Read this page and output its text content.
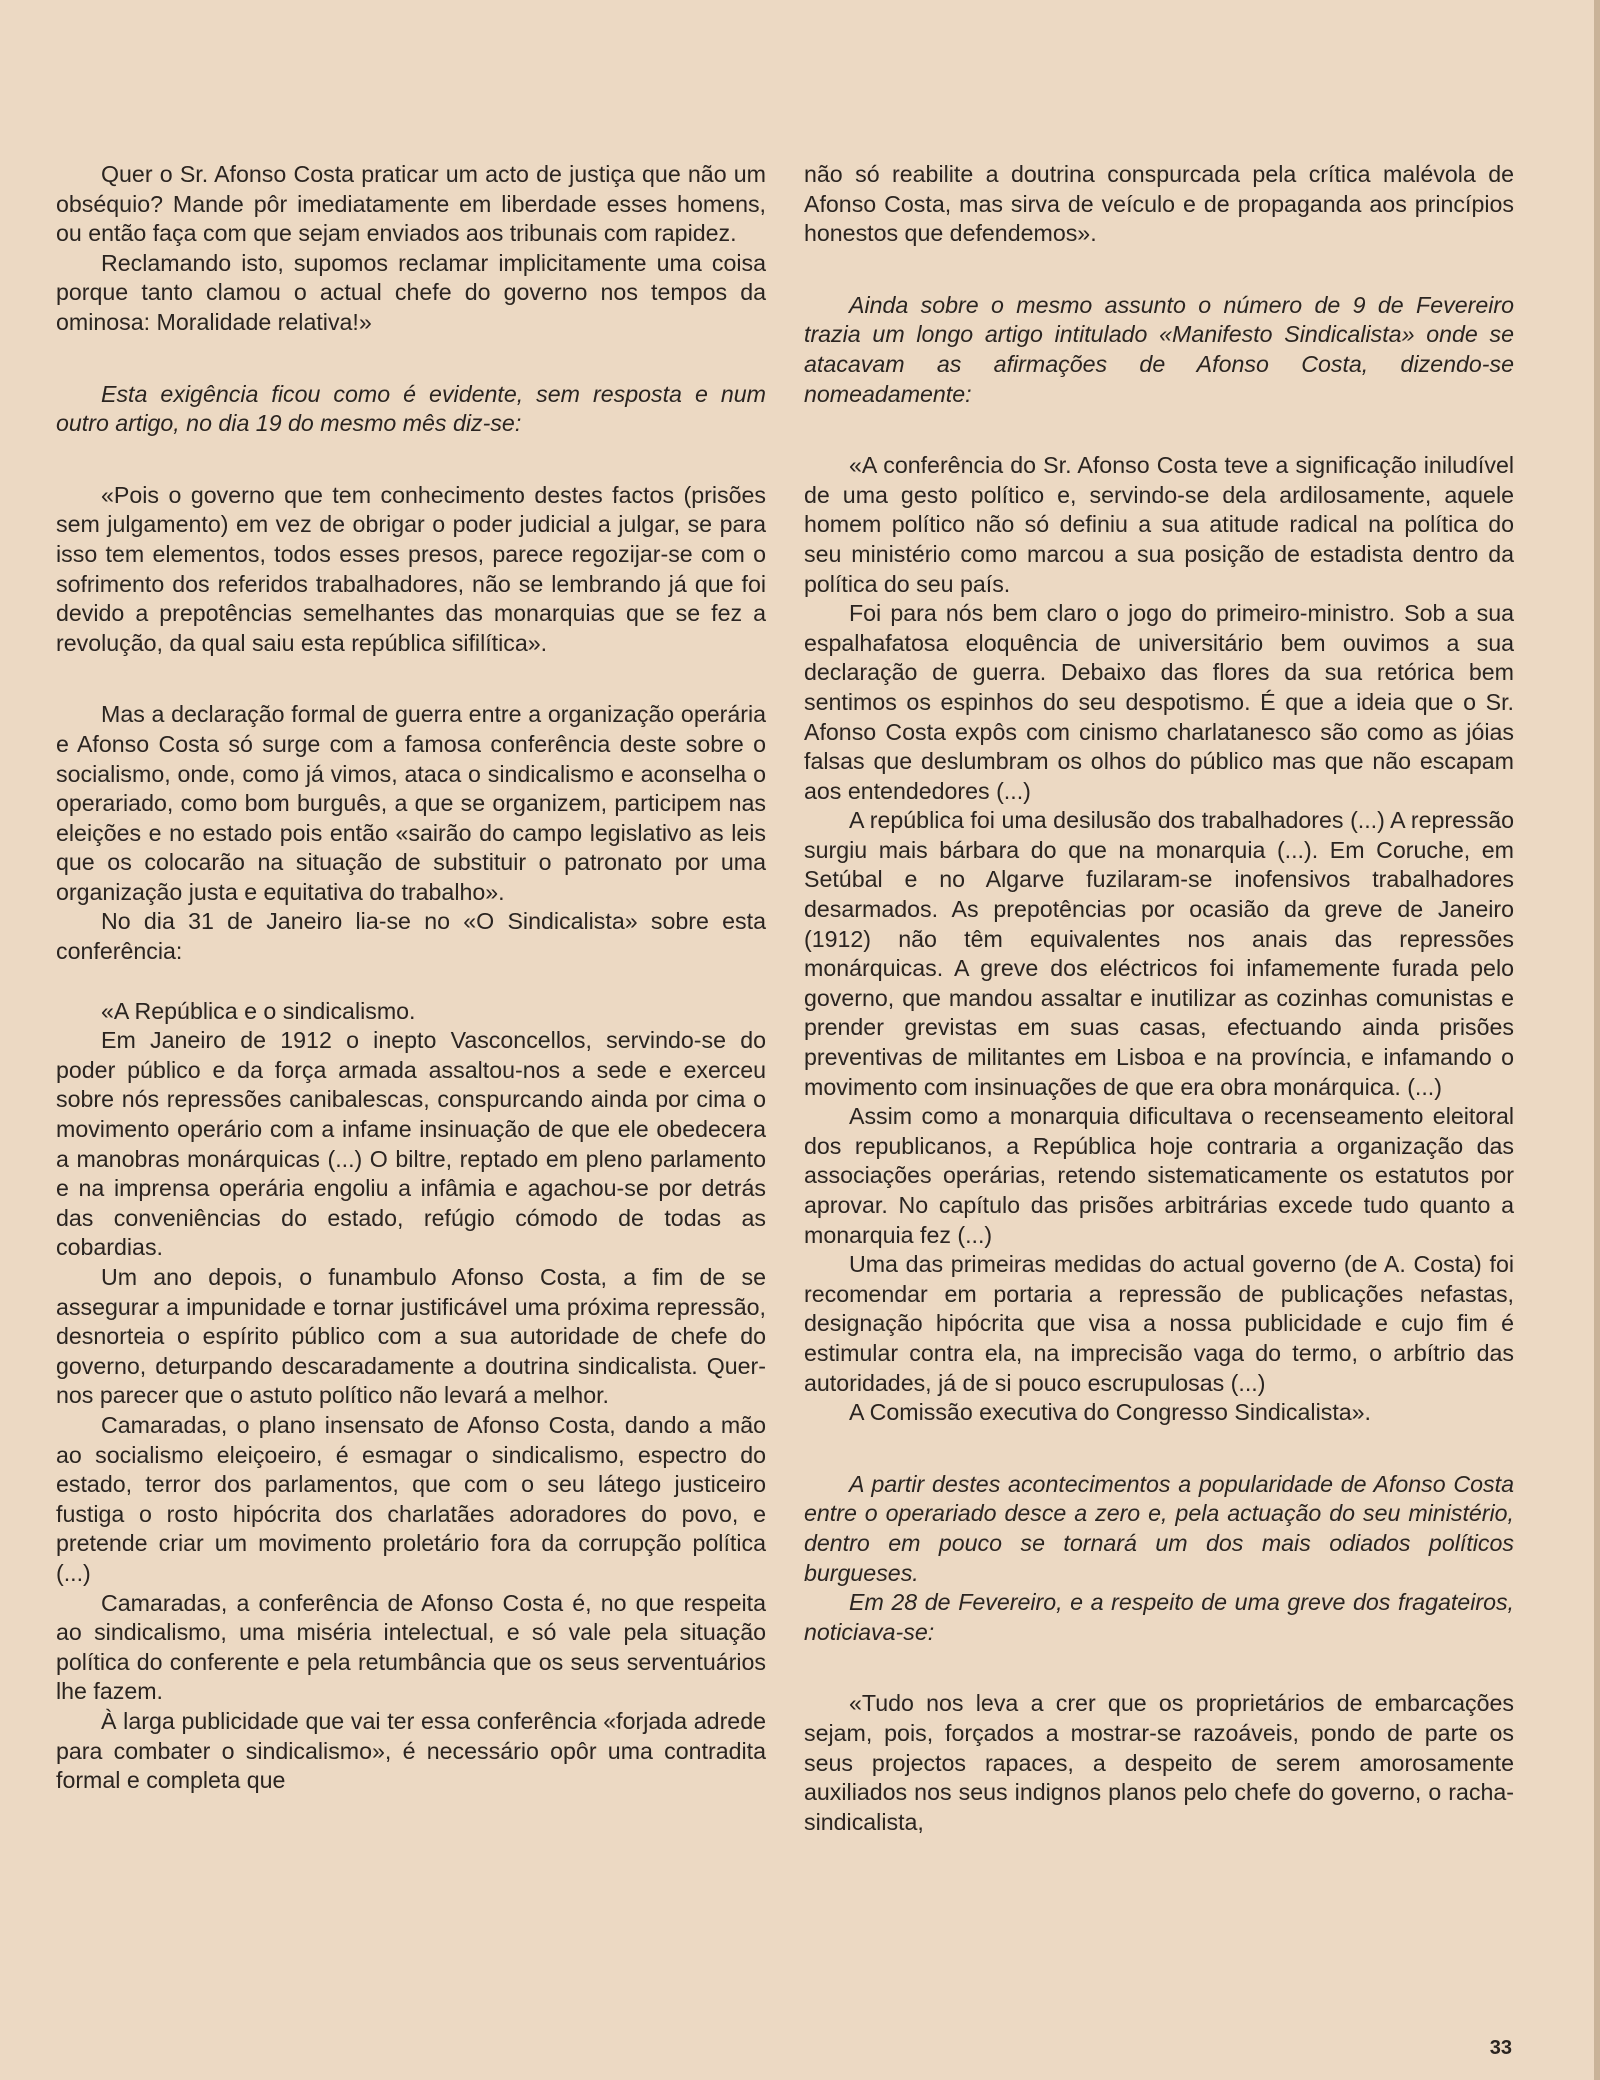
Quer o Sr. Afonso Costa praticar um acto de justiça que não um obséquio? Mande pôr imediatamente em liberdade esses homens, ou então faça com que sejam enviados aos tribunais com rapidez.

Reclamando isto, supomos reclamar implicitamente uma coisa porque tanto clamou o actual chefe do governo nos tempos da ominosa: Moralidade relativa!»

Esta exigência ficou como é evidente, sem resposta e num outro artigo, no dia 19 do mesmo mês diz-se:

«Pois o governo que tem conhecimento destes factos (prisões sem julgamento) em vez de obrigar o poder judicial a julgar, se para isso tem elementos, todos esses presos, parece regozijar-se com o sofrimento dos referidos trabalhadores, não se lembrando já que foi devido a prepotências semelhantes das monarquias que se fez a revolução, da qual saiu esta república sifilítica».

Mas a declaração formal de guerra entre a organização operária e Afonso Costa só surge com a famosa conferência deste sobre o socialismo, onde, como já vimos, ataca o sindicalismo e aconselha o operariado, como bom burguês, a que se organizem, participem nas eleições e no estado pois então «sairão do campo legislativo as leis que os colocarão na situação de substituir o patronato por uma organização justa e equitativa do trabalho».

No dia 31 de Janeiro lia-se no «O Sindicalista» sobre esta conferência:

«A República e o sindicalismo.

Em Janeiro de 1912 o inepto Vasconcellos, servindo-se do poder público e da força armada assaltou-nos a sede e exerceu sobre nós repressões canibalescas, conspurcando ainda por cima o movimento operário com a infame insinuação de que ele obedecera a manobras monárquicas (...) O biltre, reptado em pleno parlamento e na imprensa operária engoliu a infâmia e agachou-se por detrás das conveniências do estado, refúgio cómodo de todas as cobardias.

Um ano depois, o funambulo Afonso Costa, a fim de se assegurar a impunidade e tornar justificável uma próxima repressão, desnorteia o espírito público com a sua autoridade de chefe do governo, deturpando descaradamente a doutrina sindicalista. Quer-nos parecer que o astuto político não levará a melhor.

Camaradas, o plano insensato de Afonso Costa, dando a mão ao socialismo eleiçoeiro, é esmagar o sindicalismo, espectro do estado, terror dos parlamentos, que com o seu látego justiceiro fustiga o rosto hipócrita dos charlatães adoradores do povo, e pretende criar um movimento proletário fora da corrupção política (...)

Camaradas, a conferência de Afonso Costa é, no que respeita ao sindicalismo, uma miséria intelectual, e só vale pela situação política do conferente e pela retumbância que os seus serventuários lhe fazem.

À larga publicidade que vai ter essa conferência «forjada adrede para combater o sindicalismo», é necessário opôr uma contradita formal e completa que

não só reabilite a doutrina conspurcada pela crítica malévola de Afonso Costa, mas sirva de veículo e de propaganda aos princípios honestos que defendemos».

Ainda sobre o mesmo assunto o número de 9 de Fevereiro trazia um longo artigo intitulado «Manifesto Sindicalista» onde se atacavam as afirmações de Afonso Costa, dizendo-se nomeadamente:

«A conferência do Sr. Afonso Costa teve a significação iniludível de uma gesto político e, servindo-se dela ardilosamente, aquele homem político não só definiu a sua atitude radical na política do seu ministério como marcou a sua posição de estadista dentro da política do seu país.

Foi para nós bem claro o jogo do primeiro-ministro. Sob a sua espalhafatosa eloquência de universitário bem ouvimos a sua declaração de guerra. Debaixo das flores da sua retórica bem sentimos os espinhos do seu despotismo. É que a ideia que o Sr. Afonso Costa expôs com cinismo charlatanesco são como as jóias falsas que deslumbram os olhos do público mas que não escapam aos entendedores (...)

A república foi uma desilusão dos trabalhadores (...) A repressão surgiu mais bárbara do que na monarquia (...). Em Coruche, em Setúbal e no Algarve fuzilaram-se inofensivos trabalhadores desarmados. As prepotências por ocasião da greve de Janeiro (1912) não têm equivalentes nos anais das repressões monárquicas. A greve dos eléctricos foi infamemente furada pelo governo, que mandou assaltar e inutilizar as cozinhas comunistas e prender grevistas em suas casas, efectuando ainda prisões preventivas de militantes em Lisboa e na província, e infamando o movimento com insinuações de que era obra monárquica. (...)

Assim como a monarquia dificultava o recenseamento eleitoral dos republicanos, a República hoje contraria a organização das associações operárias, retendo sistematicamente os estatutos por aprovar. No capítulo das prisões arbitrárias excede tudo quanto a monarquia fez (...)

Uma das primeiras medidas do actual governo (de A. Costa) foi recomendar em portaria a repressão de publicações nefastas, designação hipócrita que visa a nossa publicidade e cujo fim é estimular contra ela, na imprecisão vaga do termo, o arbítrio das autoridades, já de si pouco escrupulosas (...)

A Comissão executiva do Congresso Sindicalista».

A partir destes acontecimentos a popularidade de Afonso Costa entre o operariado desce a zero e, pela actuação do seu ministério, dentro em pouco se tornará um dos mais odiados políticos burgueses.

Em 28 de Fevereiro, e a respeito de uma greve dos fragateiros, noticiava-se:

«Tudo nos leva a crer que os proprietários de embarcações sejam, pois, forçados a mostrar-se razoáveis, pondo de parte os seus projectos rapaces, a despeito de serem amorosamente auxiliados nos seus indignos planos pelo chefe do governo, o racha-sindicalista,

33
